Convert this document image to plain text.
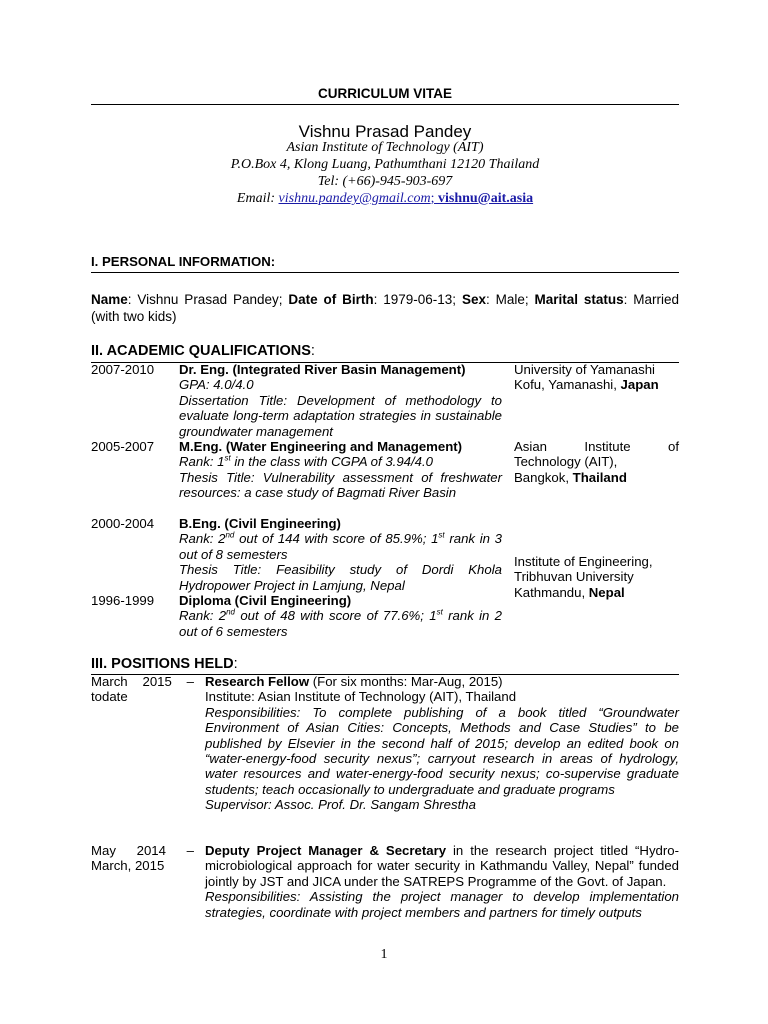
CURRICULUM VITAE
Vishnu Prasad Pandey
Asian Institute of Technology (AIT)
P.O.Box 4, Klong Luang, Pathumthani 12120 Thailand
Tel: (+66)-945-903-697
Email: vishnu.pandey@gmail.com; vishnu@ait.asia
I. PERSONAL INFORMATION:
Name: Vishnu Prasad Pandey; Date of Birth: 1979-06-13; Sex: Male; Marital status: Married (with two kids)
II. ACADEMIC QUALIFICATIONS:
2007-2010 Dr. Eng. (Integrated River Basin Management)
GPA: 4.0/4.0
Dissertation Title: Development of methodology to evaluate long-term adaptation strategies in sustainable groundwater management
University of Yamanashi
Kofu, Yamanashi, Japan
2005-2007 M.Eng. (Water Engineering and Management)
Rank: 1st in the class with CGPA of 3.94/4.0
Thesis Title: Vulnerability assessment of freshwater resources: a case study of Bagmati River Basin
Asian Institute of Technology (AIT),
Bangkok, Thailand
2000-2004 B.Eng. (Civil Engineering)
Rank: 2nd out of 144 with score of 85.9%; 1st rank in 3 out of 8 semesters
Thesis Title: Feasibility study of Dordi Khola Hydropower Project in Lamjung, Nepal
Institute of Engineering,
Tribhuvan University
Kathmandu, Nepal
1996-1999 Diploma (Civil Engineering)
Rank: 2nd out of 48 with score of 77.6%; 1st rank in 2 out of 6 semesters
III. POSITIONS HELD:
March 2015 –
todate
Research Fellow (For six months: Mar-Aug, 2015)
Institute: Asian Institute of Technology (AIT), Thailand
Responsibilities: To complete publishing of a book titled “Groundwater Environment of Asian Cities: Concepts, Methods and Case Studies” to be published by Elsevier in the second half of 2015; develop an edited book on “water-energy-food security nexus”; carryout research in areas of hydrology, water resources and water-energy-food security nexus; co-supervise graduate students; teach occasionally to undergraduate and graduate programs
Supervisor: Assoc. Prof. Dr. Sangam Shrestha
May 2014 –
March, 2015
Deputy Project Manager & Secretary in the research project titled “Hydro-microbiological approach for water security in Kathmandu Valley, Nepal” funded jointly by JST and JICA under the SATREPS Programme of the Govt. of Japan.
Responsibilities: Assisting the project manager to develop implementation strategies, coordinate with project members and partners for timely outputs
1
